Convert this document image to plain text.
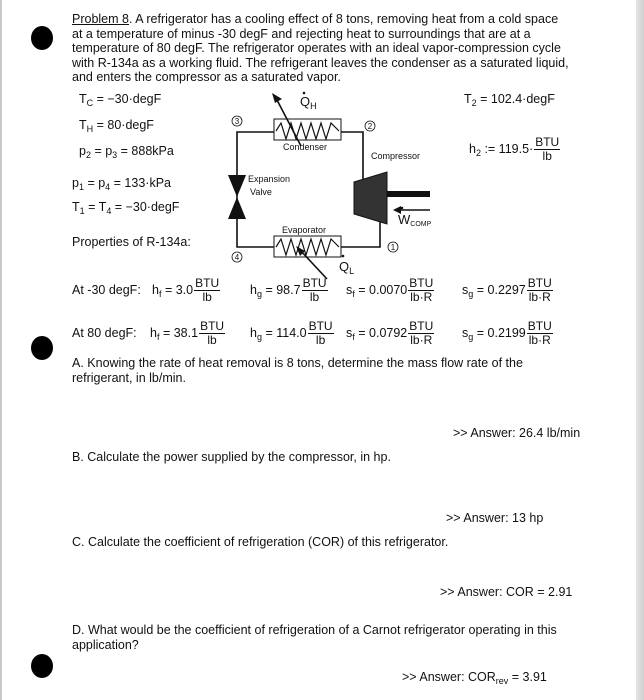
Problem 8. A refrigerator has a cooling effect of 8 tons, removing heat from a cold space at a temperature of minus -30 degF and rejecting heat to surroundings that are at a temperature of 80 degF. The refrigerator operates with an ideal vapor-compression cycle with R-134a as a working fluid. The refrigerant leaves the condenser as a saturated liquid, and enters the compressor as a saturated vapor.
$T_C$ = −30·degF
$T_H$ = 80·degF
$p_2 = p_3 = 888kPa$
$p_1 = p_4 = 133\cdot kPa$
$T_1 = T_4$ = −30·degF
Properties of R-134a:
$T_2$ = 102.4·degF
$h_2$ := $119.5\cdot \frac{\text{BTU}}{lb}$
Condenser
Evaporator
Compressor
Expansion
Valve
$Q_H$
$Q_L$
WCOMP
3
2
1
4
At -30 degF: $h_f = 3.0 \frac{\text{BTU}}{lb} h_g = 98.7 \frac{\text{BTU}}{lb} s_f = 0.0070 \frac{\text{BTU}}{lb\cdot R} s_g = 0.2297 \frac{\text{BTU}}{lb\cdot R}$
At 80 degF: $h_f = 38.1 \frac{\text{BTU}}{lb} h_g = 114.0 \frac{\text{BTU}}{lb} s_f = 0.0792 \frac{\text{BTU}}{lb\cdot R} s_g = 0.2199 \frac{\text{BTU}}{lb\cdot R}$
A. Knowing the rate of heat removal is 8 tons, determine the mass flow rate of the refrigerant, in lb/min.
>> Answer: 26.4 lb/min
B. Calculate the power supplied by the compressor, in hp.
>> Answer: 13 hp
C. Calculate the coefficient of refrigeration (COR) of this refrigerator.
>> Answer: COR = 2.91
D. What would be the coefficient of refrigeration of a Carnot refrigerator operating in this application?
>> Answer: $COR_{rev} = 3.91$
